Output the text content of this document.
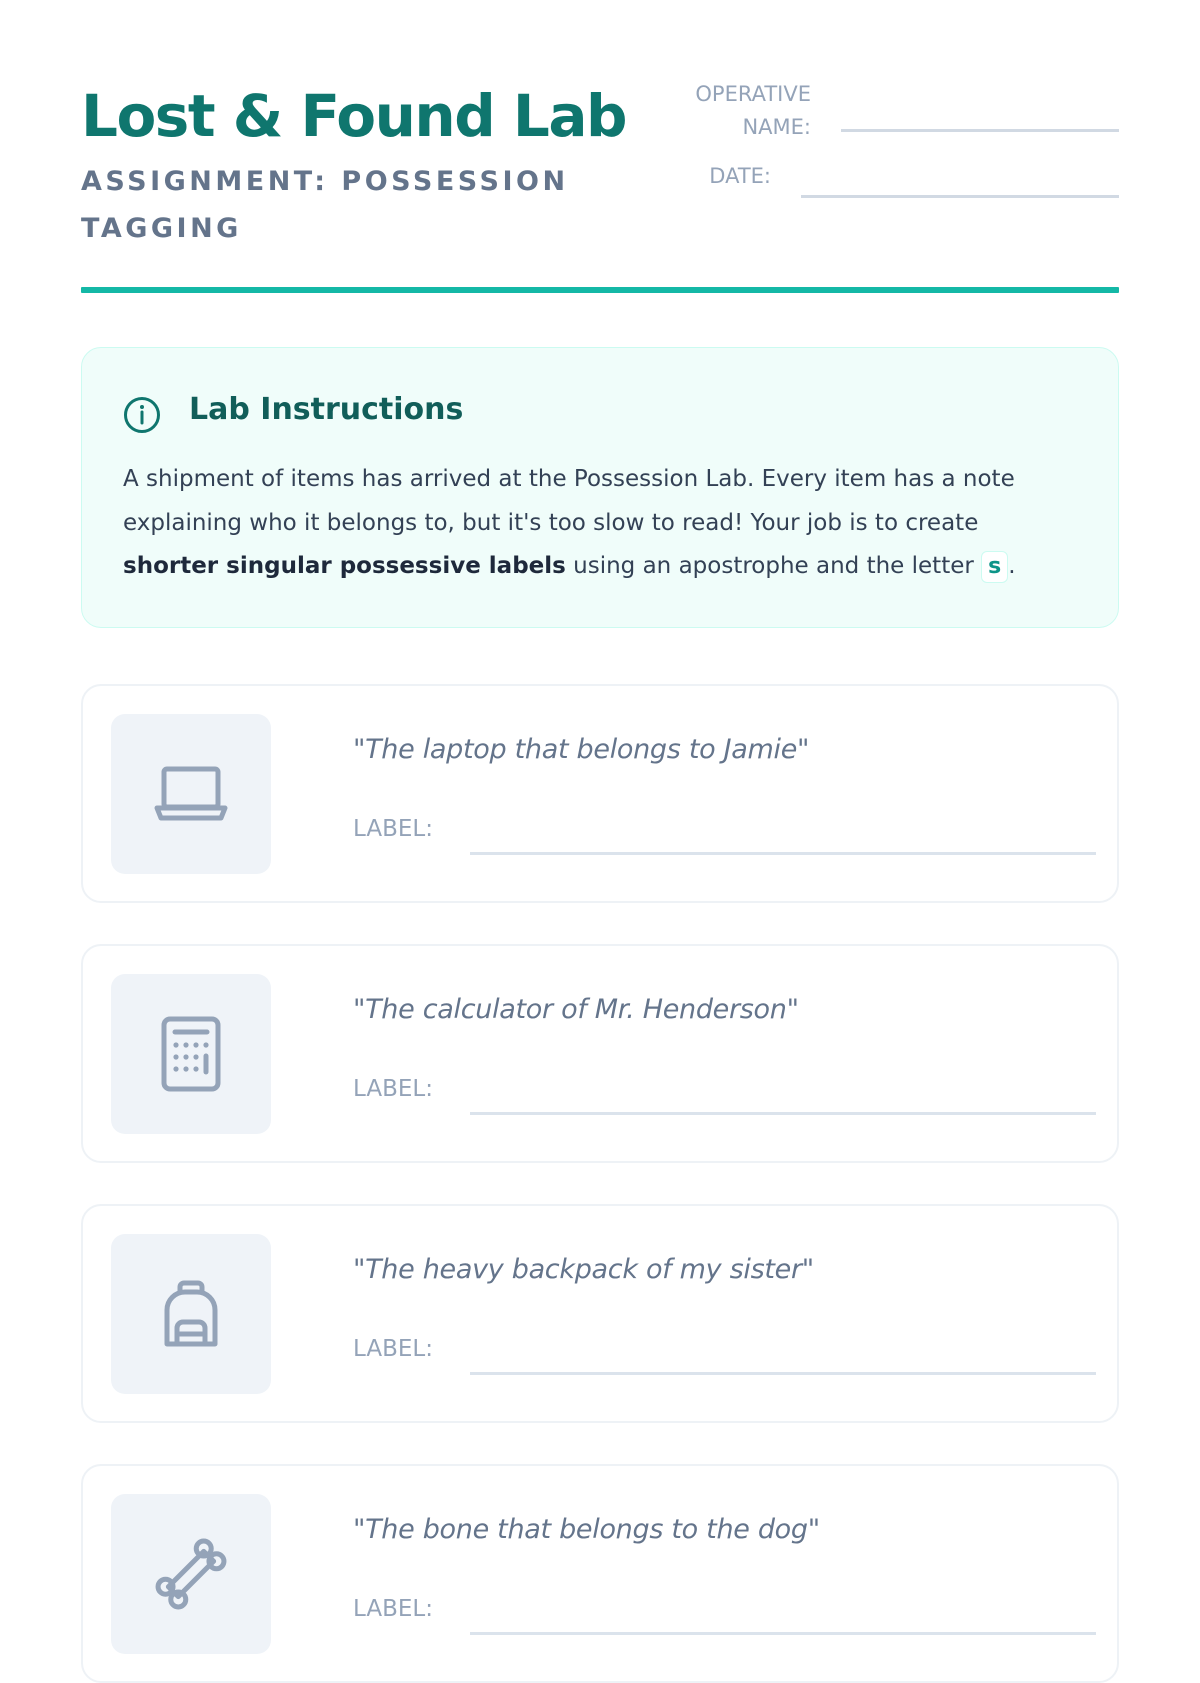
Lost & Found Lab
ASSIGNMENT: POSSESSION TAGGING
OPERATIVE NAME:
DATE:
Lab Instructions
A shipment of items has arrived at the Possession Lab. Every item has a note explaining who it belongs to, but it's too slow to read! Your job is to create shorter singular possessive labels using an apostrophe and the letter s .
"The laptop that belongs to Jamie"
LABEL:
"The calculator of Mr. Henderson"
LABEL:
"The heavy backpack of my sister"
LABEL:
"The bone that belongs to the dog"
LABEL:
